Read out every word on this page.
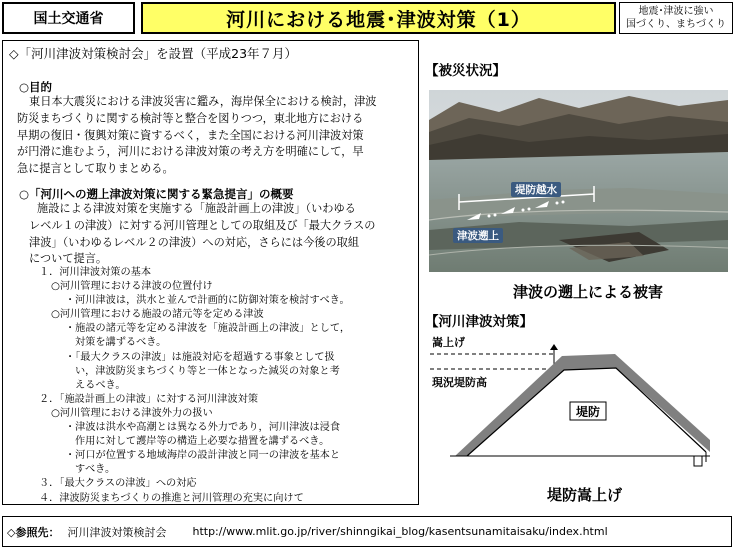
国土交通省	河川における地震･津波対策（1）	地震･津波に強い
国づくり、まちづくり
◇「河川津波対策検討会」を設置（平成23年７月）
○目的
東日本大震災における津波災害に鑑み，海岸保全における検討，津波
防災まちづくりに関する検討等と整合を図りつつ，東北地方における
早期の復旧・復興対策に資するべく，また全国における河川津波対策
が円滑に進むよう，河川における津波対策の考え方を明確にして，早
急に提言として取りまとめる。
○「河川への遡上津波対策に関する緊急提言」の概要
施設による津波対策を実施する「施設計画上の津波」（いわゆる
レベル１の津波）に対する河川管理としての取組及び「最大クラスの
津波」（いわゆるレベル２の津波）への対応，さらには今後の取組
について提言。
１．河川津波対策の基本
○河川管理における津波の位置付け
・河川津波は，洪水と並んで計画的に防御対策を検討すべき。
○河川管理における施設の諸元等を定める津波
・施設の諸元等を定める津波を「施設計画上の津波」として，
対策を講ずるべき。
・「最大クラスの津波」は施設対応を超過する事象として扱
い，津波防災まちづくり等と一体となった減災の対象と考
えるべき。
２．「施設計画上の津波」に対する河川津波対策
○河川管理における津波外力の扱い
・津波は洪水や高潮とは異なる外力であり，河川津波は浸食
作用に対して護岸等の構造上必要な措置を講ずるべき。
・河口が位置する地域海岸の設計津波と同一の津波を基本と
すべき。
３．「最大クラスの津波」への対応
４．津波防災まちづくりの推進と河川管理の充実に向けて
【被災状況】
堤防越水
津波遡上
津波の遡上による被害
【河川津波対策】
堤防
嵩上げ
現況堤防高
堤防嵩上げ
◇参照先： 河川津波対策検討会 http://www.mlit.go.jp/river/shinngikai_blog/kasentsunamitaisaku/index.html
